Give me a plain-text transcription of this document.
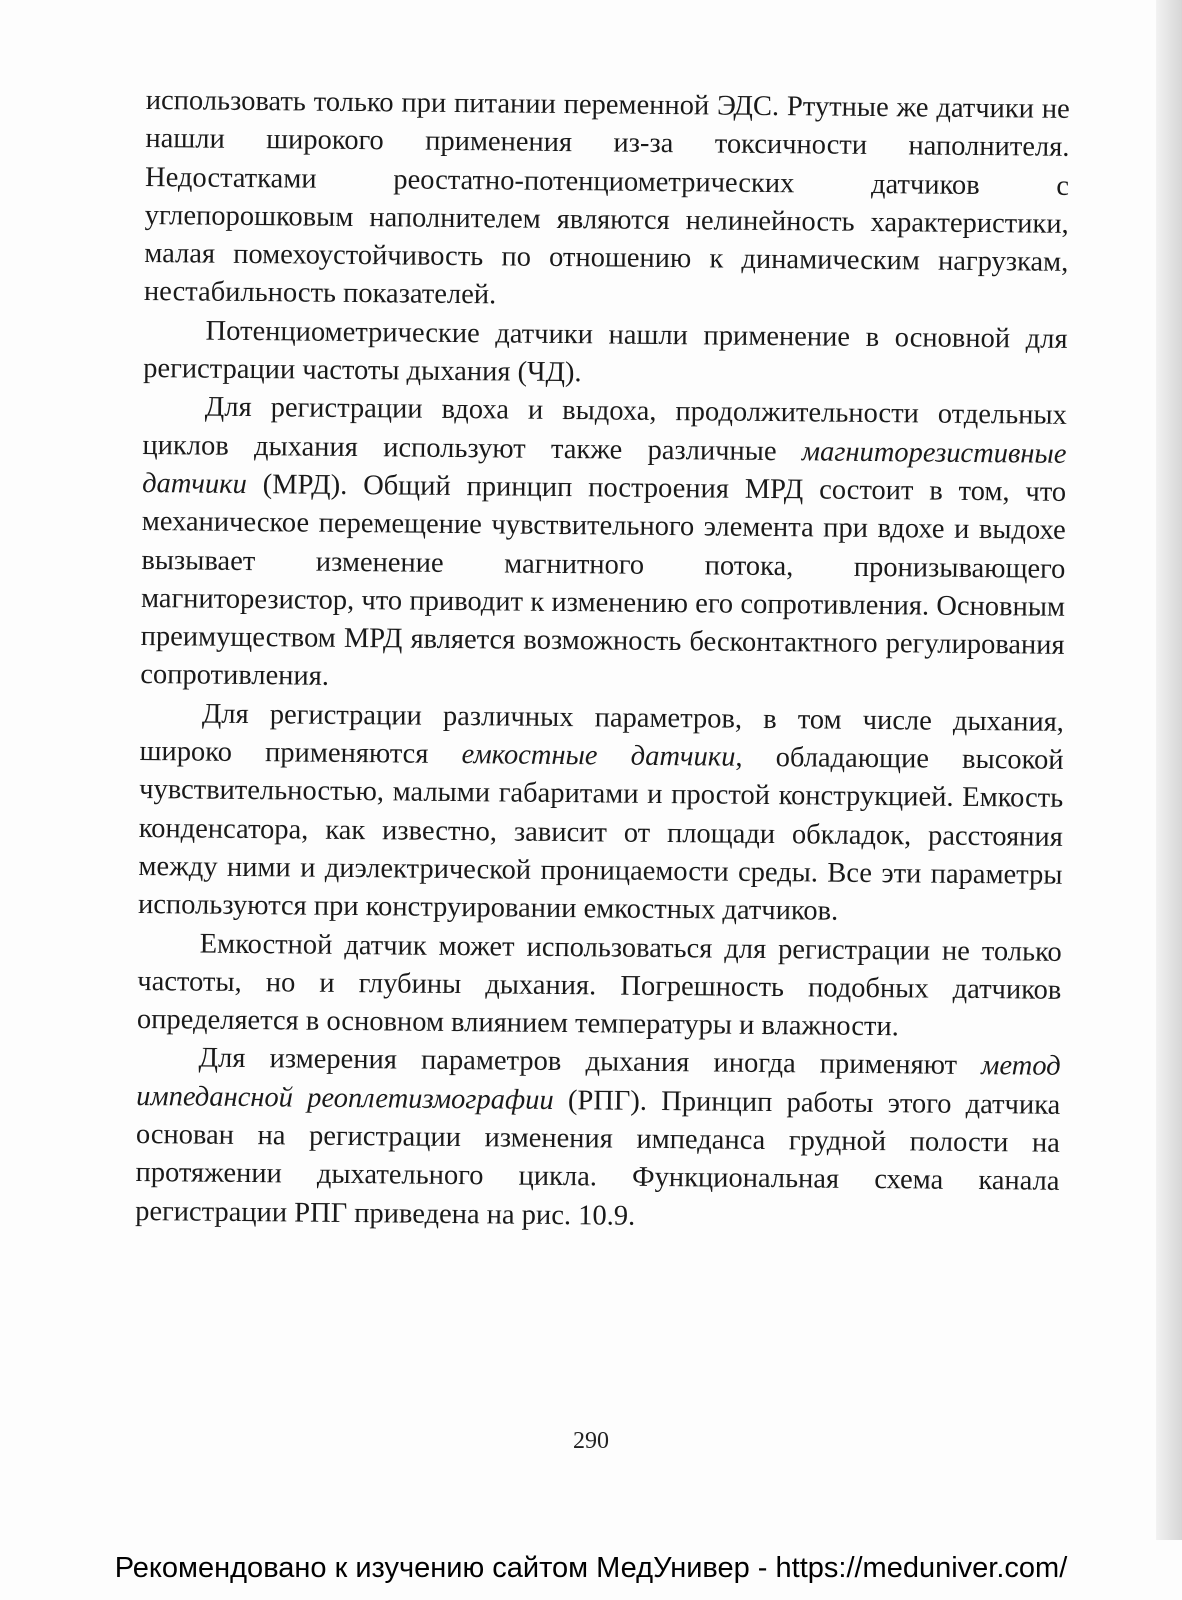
использовать только при питании переменной ЭДС. Ртутные же датчики не нашли широкого применения из-за токсичности наполнителя. Недостатками реостатно-потенциометрических датчиков с углепорошковым наполнителем являются нелинейность характеристики, малая помехоустойчивость по отношению к динамическим нагрузкам, нестабильность показателей.

Потенциометрические датчики нашли применение в основной для регистрации частоты дыхания (ЧД).

Для регистрации вдоха и выдоха, продолжительности отдельных циклов дыхания используют также различные магниторезистивные датчики (МРД). Общий принцип построения МРД состоит в том, что механическое перемещение чувствительного элемента при вдохе и выдохе вызывает изменение магнитного потока, пронизывающего магниторезистор, что приводит к изменению его сопротивления. Основным преимуществом МРД является возможность бесконтактного регулирования сопротивления.

Для регистрации различных параметров, в том числе дыхания, широко применяются емкостные датчики, обладающие высокой чувствительностью, малыми габаритами и простой конструкцией. Емкость конденсатора, как известно, зависит от площади обкладок, расстояния между ними и диэлектрической проницаемости среды. Все эти параметры используются при конструировании емкостных датчиков.

Емкостной датчик может использоваться для регистрации не только частоты, но и глубины дыхания. Погрешность подобных датчиков определяется в основном влиянием температуры и влажности.

Для измерения параметров дыхания иногда применяют метод импедансной реоплетизмографии (РПГ). Принцип работы этого датчика основан на регистрации изменения импеданса грудной полости на протяжении дыхательного цикла. Функциональная схема канала регистрации РПГ приведена на рис. 10.9.

290
Рекомендовано к изучению сайтом МедУнивер - https://meduniver.com/
